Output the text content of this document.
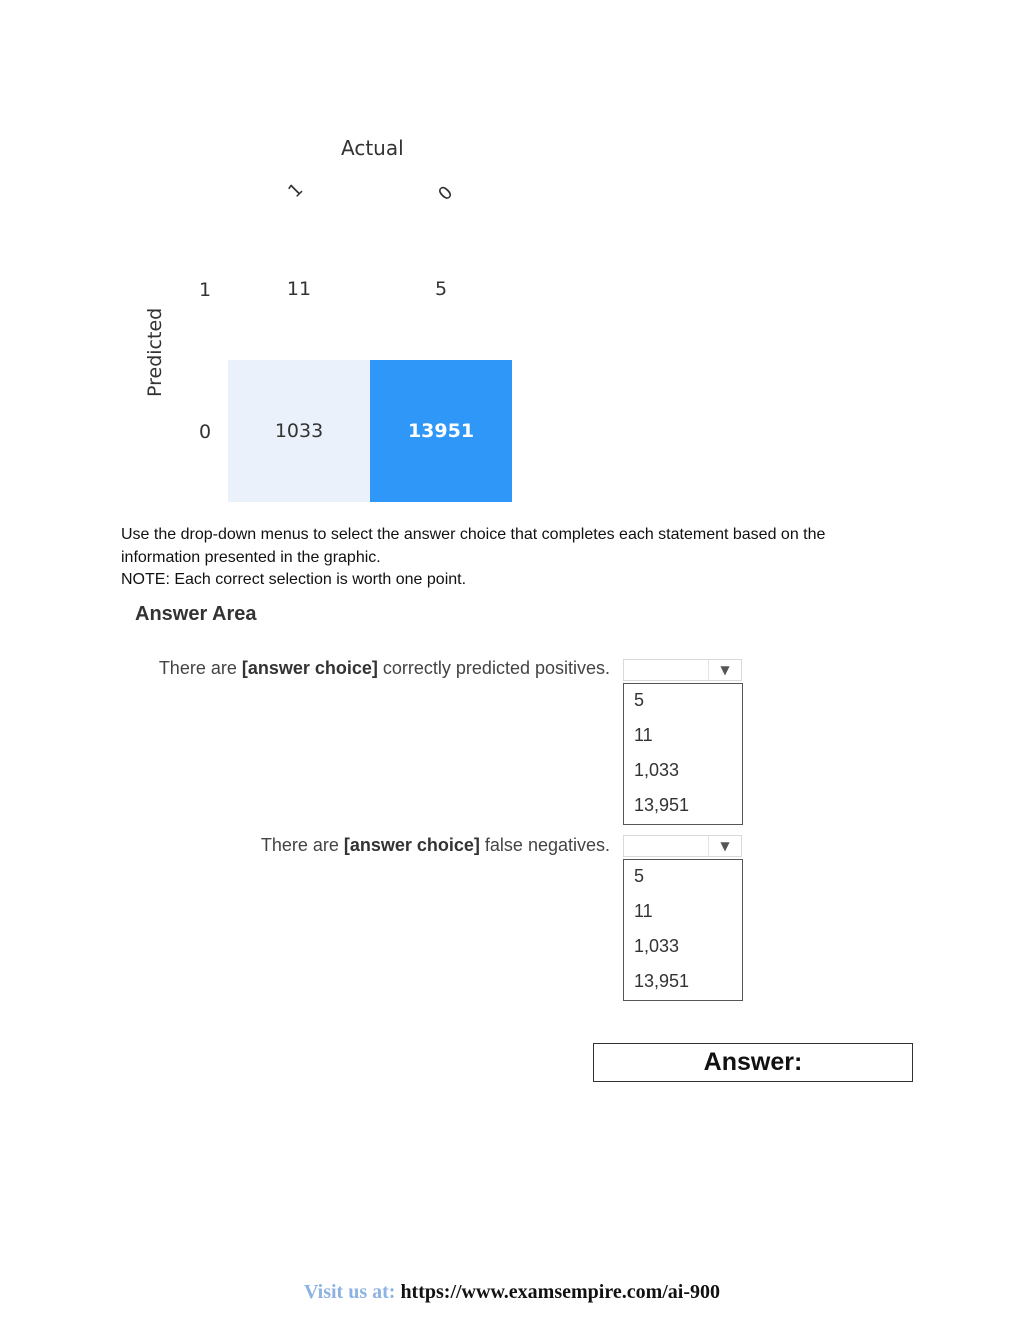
Actual
1	0
1
0
Predicted
11	5
1033	13951

Use the drop-down menus to select the answer choice that completes each statement based on the information presented in the graphic.

NOTE: Each correct selection is worth one point.

Answer Area
There are [answer choice] correctly predicted positives.	▼
5
11
1,033
13,951
There are [answer choice] false negatives.	▼
5
11
1,033
13,951
Answer:
Visit us at: https://www.examsempire.com/ai-900
